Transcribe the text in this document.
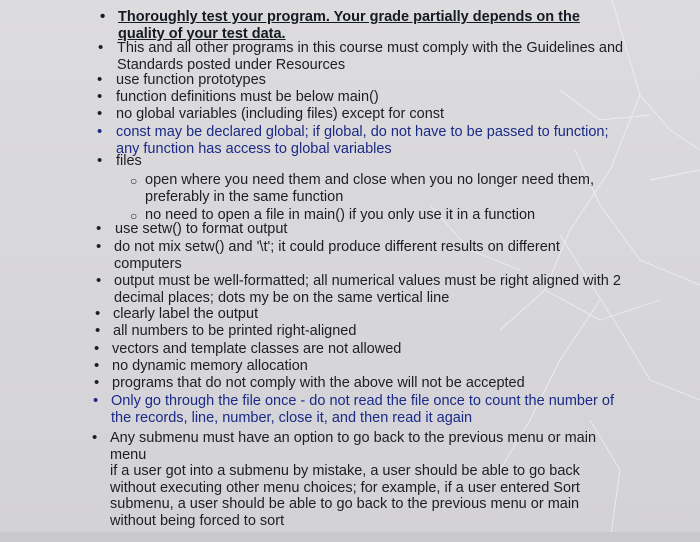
• Thoroughly test your program. Your grade partially depends on the
quality of your test data.
• This and all other programs in this course must comply with the Guidelines and
Standards posted under Resources
• use function prototypes
• function definitions must be below main()
• no global variables (including files) except for const
• const may be declared global; if global, do not have to be passed to function;
any function has access to global variables
• files
○ open where you need them and close when you no longer need them,
preferably in the same function
○ no need to open a file in main() if you only use it in a function
• use setw() to format output
• do not mix setw() and '\t'; it could produce different results on different
computers
• output must be well-formatted; all numerical values must be right aligned with 2
decimal places; dots my be on the same vertical line
• clearly label the output
• all numbers to be printed right-aligned
• vectors and template classes are not allowed
• no dynamic memory allocation
• programs that do not comply with the above will not be accepted
• Only go through the file once - do not read the file once to count the number of
the records, line, number, close it, and then read it again
• Any submenu must have an option to go back to the previous menu or main
menu
if a user got into a submenu by mistake, a user should be able to go back
without executing other menu choices; for example, if a user entered Sort
submenu, a user should be able to go back to the previous menu or main
without being forced to sort
